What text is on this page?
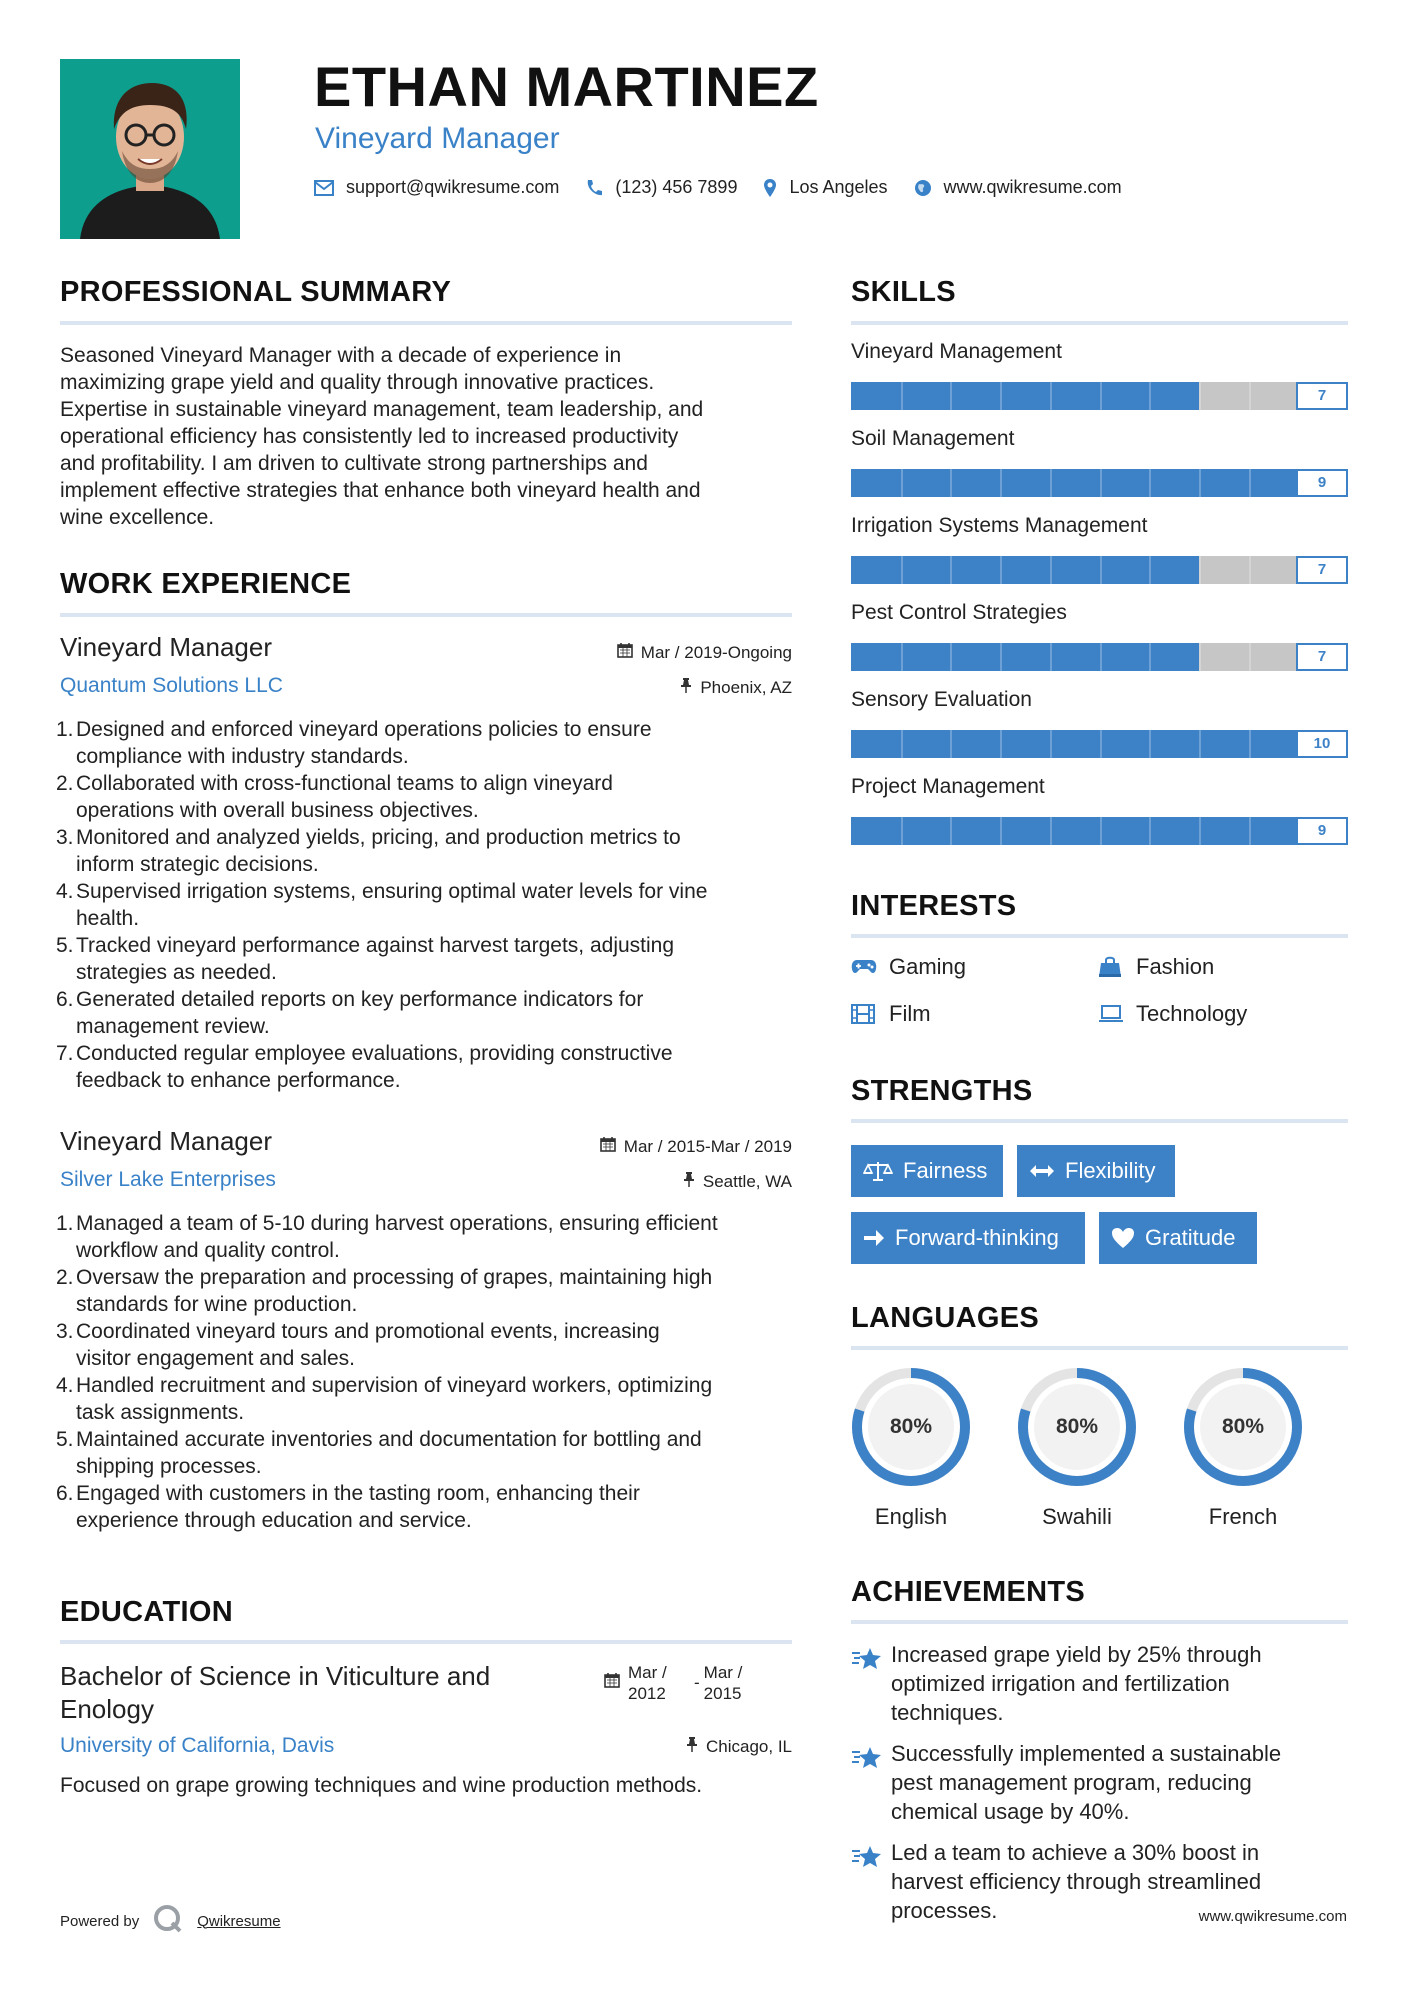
ETHAN MARTINEZ
Vineyard Manager
support@qwikresume.com	(123) 456 7899	Los Angeles	www.qwikresume.com
PROFESSIONAL SUMMARY
Seasoned Vineyard Manager with a decade of experience in
maximizing grape yield and quality through innovative practices.
Expertise in sustainable vineyard management, team leadership, and
operational efficiency has consistently led to increased productivity
and profitability. I am driven to cultivate strong partnerships and
implement effective strategies that enhance both vineyard health and
wine excellence.
WORK EXPERIENCE
Vineyard Manager
Quantum Solutions LLC
Mar / 2019-Ongoing
Phoenix, AZ
1. Designed and enforced vineyard operations policies to ensure
compliance with industry standards.
2. Collaborated with cross-functional teams to align vineyard
operations with overall business objectives.
3. Monitored and analyzed yields, pricing, and production metrics to
inform strategic decisions.
4. Supervised irrigation systems, ensuring optimal water levels for vine
health.
5. Tracked vineyard performance against harvest targets, adjusting
strategies as needed.
6. Generated detailed reports on key performance indicators for
management review.
7. Conducted regular employee evaluations, providing constructive
feedback to enhance performance.
Vineyard Manager
Silver Lake Enterprises
Mar / 2015-Mar / 2019
Seattle, WA
1. Managed a team of 5-10 during harvest operations, ensuring efficient
workflow and quality control.
2. Oversaw the preparation and processing of grapes, maintaining high
standards for wine production.
3. Coordinated vineyard tours and promotional events, increasing
visitor engagement and sales.
4. Handled recruitment and supervision of vineyard workers, optimizing
task assignments.
5. Maintained accurate inventories and documentation for bottling and
shipping processes.
6. Engaged with customers in the tasting room, enhancing their
experience through education and service.
EDUCATION
Bachelor of Science in Viticulture and
Enology
Mar /
2012
-
Mar /
2015
University of California, Davis	Chicago, IL
Focused on grape growing techniques and wine production methods.
SKILLS
Vineyard Management
7
Soil Management
9
Irrigation Systems Management
7
Pest Control Strategies
7
Sensory Evaluation
10
Project Management
9
INTERESTS
Gaming	Fashion
Film	Technology
STRENGTHS
Fairness	Flexibility
Forward-thinking	Gratitude
LANGUAGES
80%
English
80%
Swahili
80%
French
ACHIEVEMENTS
Increased grape yield by 25% through
optimized irrigation and fertilization
techniques.
Successfully implemented a sustainable
pest management program, reducing
chemical usage by 40%.
Led a team to achieve a 30% boost in
harvest efficiency through streamlined
processes.
Powered by	Qwikresume	www.qwikresume.com
